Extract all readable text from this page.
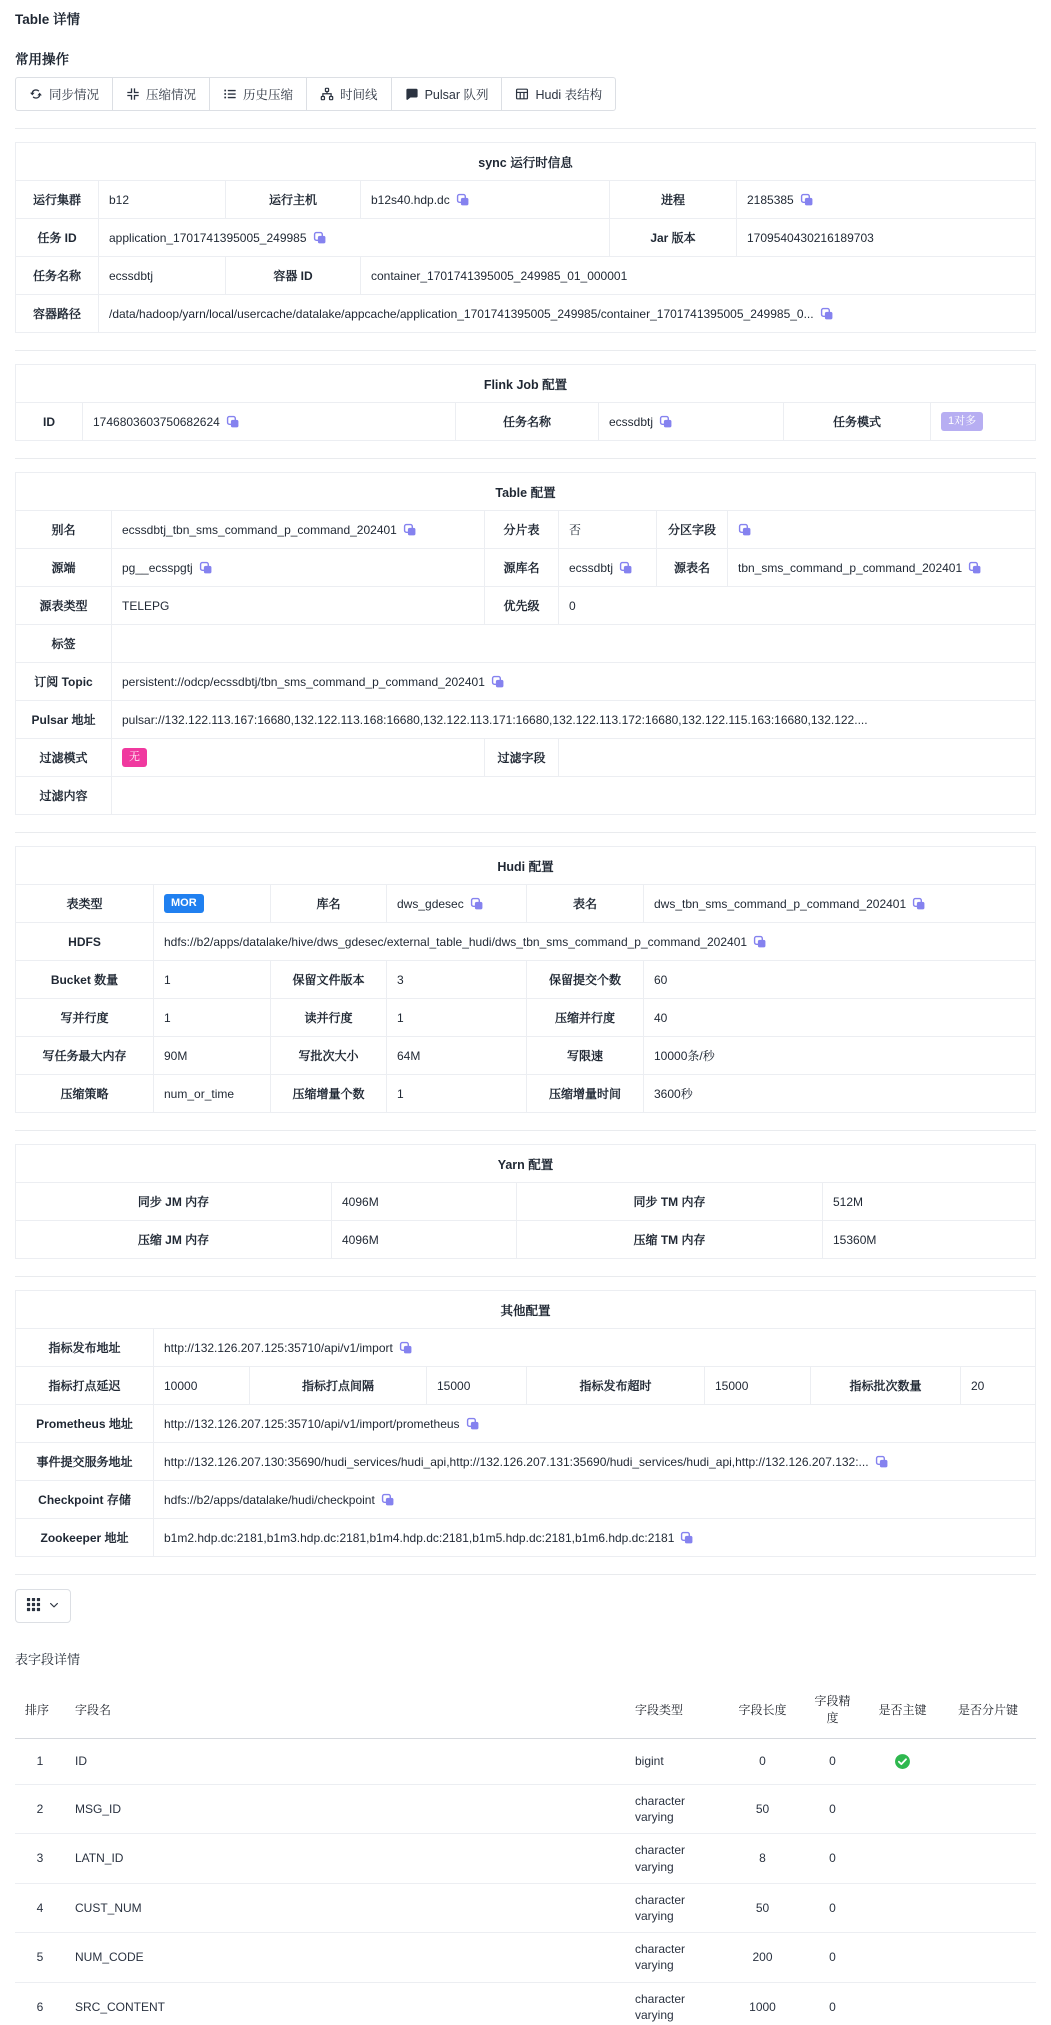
Table 详情
常用操作
同步情况	压缩情况	历史压缩	时间线	Pulsar 队列	Hudi 表结构
sync 运行时信息					
运行集群	b12	运行主机	b12s40.hdp.dc	进程	2185385
任务 ID	application_1701741395005_249985			Jar 版本	1709540430216189703
任务名称	ecssdbtj	容器 ID	container_1701741395005_249985_01_000001		
容器路径	/data/hadoop/yarn/local/usercache/datalake/appcache/application_1701741395005_249985/container_1701741395005_249985_0...				
Flink Job 配置
ID	1746803603750682624	任务名称	ecssdbtj	任务模式	1对多
Table 配置					
别名	ecssdbtj_tbn_sms_command_p_command_202401	分片表	否	分区字段	
源端	pg__ecsspgtj	源库名	ecssdbtj	源表名	tbn_sms_command_p_command_202401
源表类型	TELEPG	优先级	0		
标签					
订阅 Topic	persistent://odcp/ecssdbtj/tbn_sms_command_p_command_202401				
Pulsar 地址	pulsar://132.122.113.167:16680,132.122.113.168:16680,132.122.113.171:16680,132.122.113.172:16680,132.122.115.163:16680,132.122....				
过滤模式	无	过滤字段			
过滤内容					
Hudi 配置					
表类型	MOR	库名	dws_gdesec	表名	dws_tbn_sms_command_p_command_202401
HDFS	hdfs://b2/apps/datalake/hive/dws_gdesec/external_table_hudi/dws_tbn_sms_command_p_command_202401				
Bucket 数量	1	保留文件版本	3	保留提交个数	60
写并行度	1	读并行度	1	压缩并行度	40
写任务最大内存	90M	写批次大小	64M	写限速	10000条/秒
压缩策略	num_or_time	压缩增量个数	1	压缩增量时间	3600秒
Yarn 配置			
同步 JM 内存	4096M	同步 TM 内存	512M
压缩 JM 内存	4096M	压缩 TM 内存	15360M
其他配置							
指标发布地址	http://132.126.207.125:35710/api/v1/import						
指标打点延迟	10000	指标打点间隔	15000	指标发布超时	15000	指标批次数量	20
Prometheus 地址	http://132.126.207.125:35710/api/v1/import/prometheus						
事件提交服务地址	http://132.126.207.130:35690/hudi_services/hudi_api,http://132.126.207.131:35690/hudi_services/hudi_api,http://132.126.207.132:...						
Checkpoint 存储	hdfs://b2/apps/datalake/hudi/checkpoint						
Zookeeper 地址	b1m2.hdp.dc:2181,b1m3.hdp.dc:2181,b1m4.hdp.dc:2181,b1m5.hdp.dc:2181,b1m6.hdp.dc:2181						
表字段详情
排序	字段名	字段类型	字段长度	字段精度	是否主键	是否分片键
1	ID	bigint	0	0		
2	MSG_ID	character varying	50	0		
3	LATN_ID	character varying	8	0		
4	CUST_NUM	character varying	50	0		
5	NUM_CODE	character varying	200	0		
6	SRC_CONTENT	character varying	1000	0		
